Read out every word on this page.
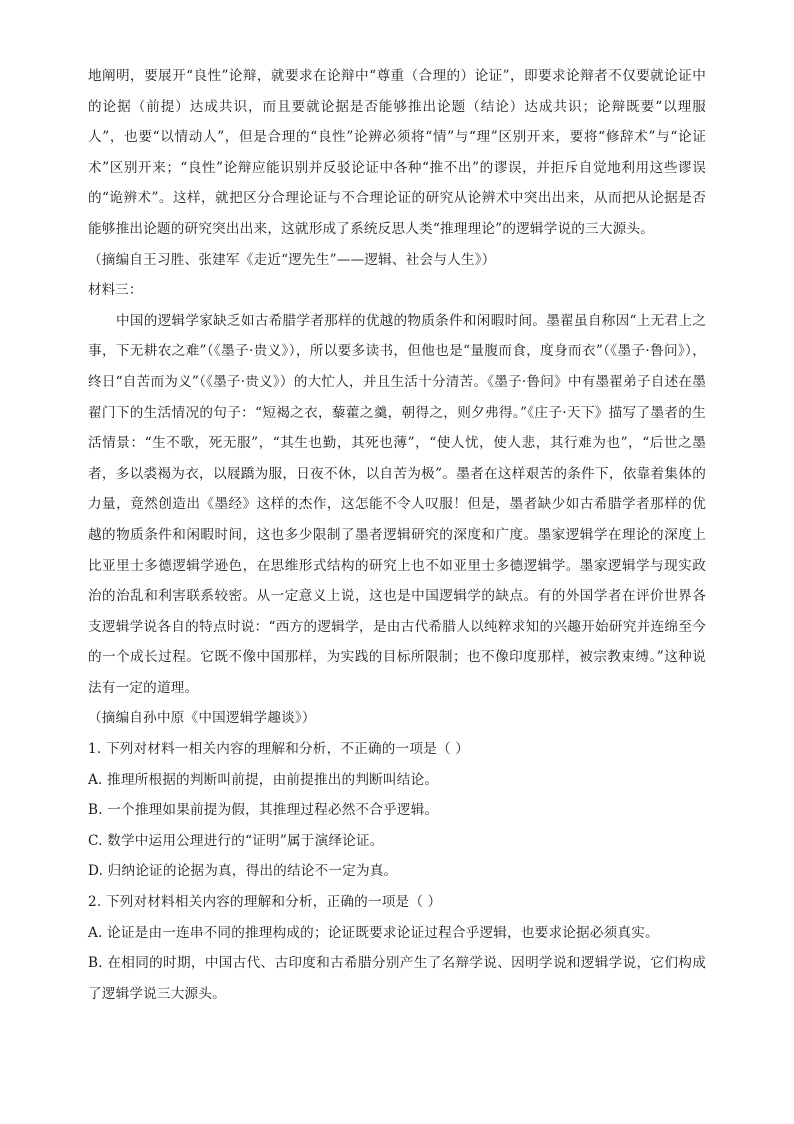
地阐明，要展开“良性”论辩，就要求在论辩中“尊重（合理的）论证”，即要求论辩者不仅要就论证中的论据（前提）达成共识，而且要就论据是否能够推出论题（结论）达成共识；论辩既要“以理服人”，也要“以情动人”，但是合理的“良性”论辨必须将“情”与“理”区别开来，要将“修辞术”与“论证术”区别开来；“良性”论辩应能识别并反驳论证中各种“推不出”的谬误，并拒斥自觉地利用这些谬误的“诡辨术”。这样，就把区分合理论证与不合理论证的研究从论辨术中突出出来，从而把从论据是否能够推出论题的研究突出出来，这就形成了系统反思人类“推理理论”的逻辑学说的三大源头。

（摘编自王习胜、张建军《走近“逻先生”——逻辑、社会与人生》）

材料三：

中国的逻辑学家缺乏如古希腊学者那样的优越的物质条件和闲暇时间。墨翟虽自称因“上无君上之事，下无耕农之难”（《墨子·贵义》），所以要多读书，但他也是“量腹而食，度身而衣”（《墨子·鲁问》），终日“自苦而为义”（《墨子·贵义》）的大忙人，并且生活十分清苦。《墨子·鲁问》中有墨翟弟子自述在墨翟门下的生活情况的句子：“短褐之衣，藜藿之羹，朝得之，则夕弗得。”《庄子·天下》描写了墨者的生活情景：“生不歌，死无服”，“其生也勤，其死也薄”，“使人忧，使人悲，其行难为也”，“后世之墨者，多以裘褐为衣，以屐蹻为服，日夜不休，以自苦为极”。墨者在这样艰苦的条件下，依靠着集体的力量，竟然创造出《墨经》这样的杰作，这怎能不令人叹服！但是，墨者缺少如古希腊学者那样的优越的物质条件和闲暇时间，这也多少限制了墨者逻辑研究的深度和广度。墨家逻辑学在理论的深度上比亚里士多德逻辑学逊色，在思维形式结构的研究上也不如亚里士多德逻辑学。墨家逻辑学与现实政治的治乱和利害联系较密。从一定意义上说，这也是中国逻辑学的缺点。有的外国学者在评价世界各支逻辑学说各自的特点时说：“西方的逻辑学，是由古代希腊人以纯粹求知的兴趣开始研究并连绵至今的一个成长过程。它既不像中国那样，为实践的目标所限制；也不像印度那样，被宗教束缚。”这种说法有一定的道理。

（摘编自孙中原《中国逻辑学趣谈》）

1. 下列对材料一相关内容的理解和分析，不正确的一项是（ ）

A. 推理所根据的判断叫前提，由前提推出的判断叫结论。

B. 一个推理如果前提为假，其推理过程必然不合乎逻辑。

C. 数学中运用公理进行的“证明”属于演绎论证。

D. 归纳论证的论据为真，得出的结论不一定为真。

2. 下列对材料相关内容的理解和分析，正确的一项是（ ）

A. 论证是由一连串不同的推理构成的；论证既要求论证过程合乎逻辑，也要求论据必须真实。

B. 在相同的时期，中国古代、古印度和古希腊分别产生了名辩学说、因明学说和逻辑学说，它们构成了逻辑学说三大源头。
